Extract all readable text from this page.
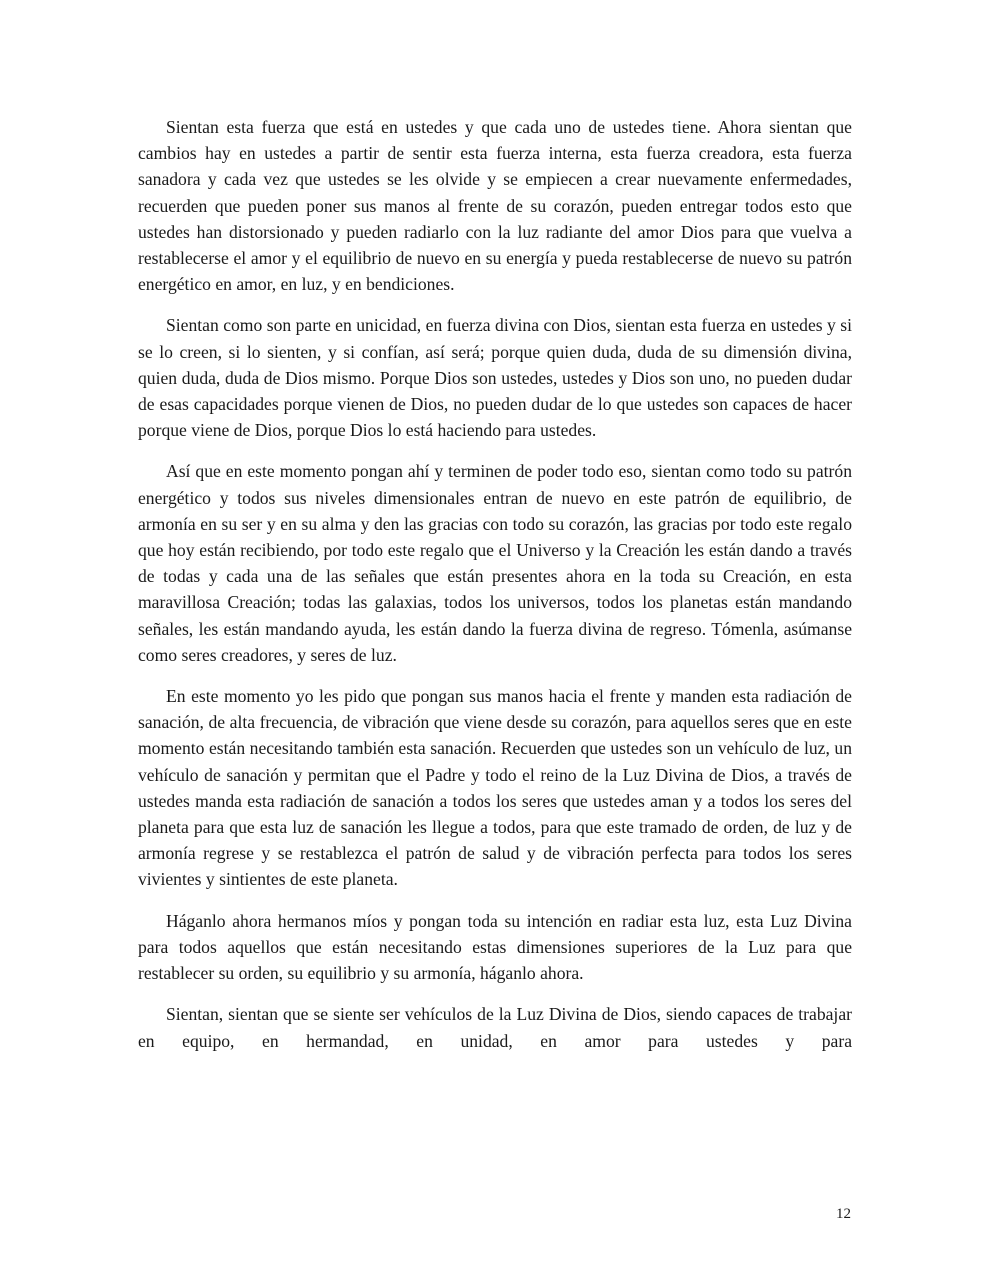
Sientan esta fuerza que está en ustedes y que cada uno de ustedes tiene. Ahora sientan que cambios hay en ustedes a partir de sentir esta fuerza interna, esta fuerza creadora, esta fuerza sanadora y cada vez que ustedes se les olvide y se empiecen a crear nuevamente enfermedades, recuerden que pueden poner sus manos al frente de su corazón, pueden entregar todos esto que ustedes han distorsionado y pueden radiarlo con la luz radiante del amor Dios para que vuelva a restablecerse el amor y el equilibrio de nuevo en su energía y pueda restablecerse de nuevo su patrón energético en amor, en luz, y en bendiciones.

Sientan como son parte en unicidad, en fuerza divina con Dios, sientan esta fuerza en ustedes y si se lo creen, si lo sienten, y si confían, así será; porque quien duda, duda de su dimensión divina, quien duda, duda de Dios mismo. Porque Dios son ustedes, ustedes y Dios son uno, no pueden dudar de esas capacidades porque vienen de Dios, no pueden dudar de lo que ustedes son capaces de hacer porque viene de Dios, porque Dios lo está haciendo para ustedes.

Así que en este momento pongan ahí y terminen de poder todo eso, sientan como todo su patrón energético y todos sus niveles dimensionales entran de nuevo en este patrón de equilibrio, de armonía en su ser y en su alma y den las gracias con todo su corazón, las gracias por todo este regalo que hoy están recibiendo, por todo este regalo que el Universo y la Creación les están dando a través de todas y cada una de las señales que están presentes ahora en la toda su Creación, en esta maravillosa Creación; todas las galaxias, todos los universos, todos los planetas están mandando señales, les están mandando ayuda, les están dando la fuerza divina de regreso. Tómenla, asúmanse como seres creadores, y seres de luz.

En este momento yo les pido que pongan sus manos hacia el frente y manden esta radiación de sanación, de alta frecuencia, de vibración que viene desde su corazón, para aquellos seres que en este momento están necesitando también esta sanación. Recuerden que ustedes son un vehículo de luz, un vehículo de sanación y permitan que el Padre y todo el reino de la Luz Divina de Dios, a través de ustedes manda esta radiación de sanación a todos los seres que ustedes aman y a todos los seres del planeta para que esta luz de sanación les llegue a todos, para que este tramado de orden, de luz y de armonía regrese y se restablezca el patrón de salud y de vibración perfecta para todos los seres vivientes y sintientes de este planeta.

Háganlo ahora hermanos míos y pongan toda su intención en radiar esta luz, esta Luz Divina para todos aquellos que están necesitando estas dimensiones superiores de la Luz para que restablecer su orden, su equilibrio y su armonía, háganlo ahora.

Sientan, sientan que se siente ser vehículos de la Luz Divina de Dios, siendo capaces de trabajar en equipo, en hermandad, en unidad, en amor para ustedes y para

12
